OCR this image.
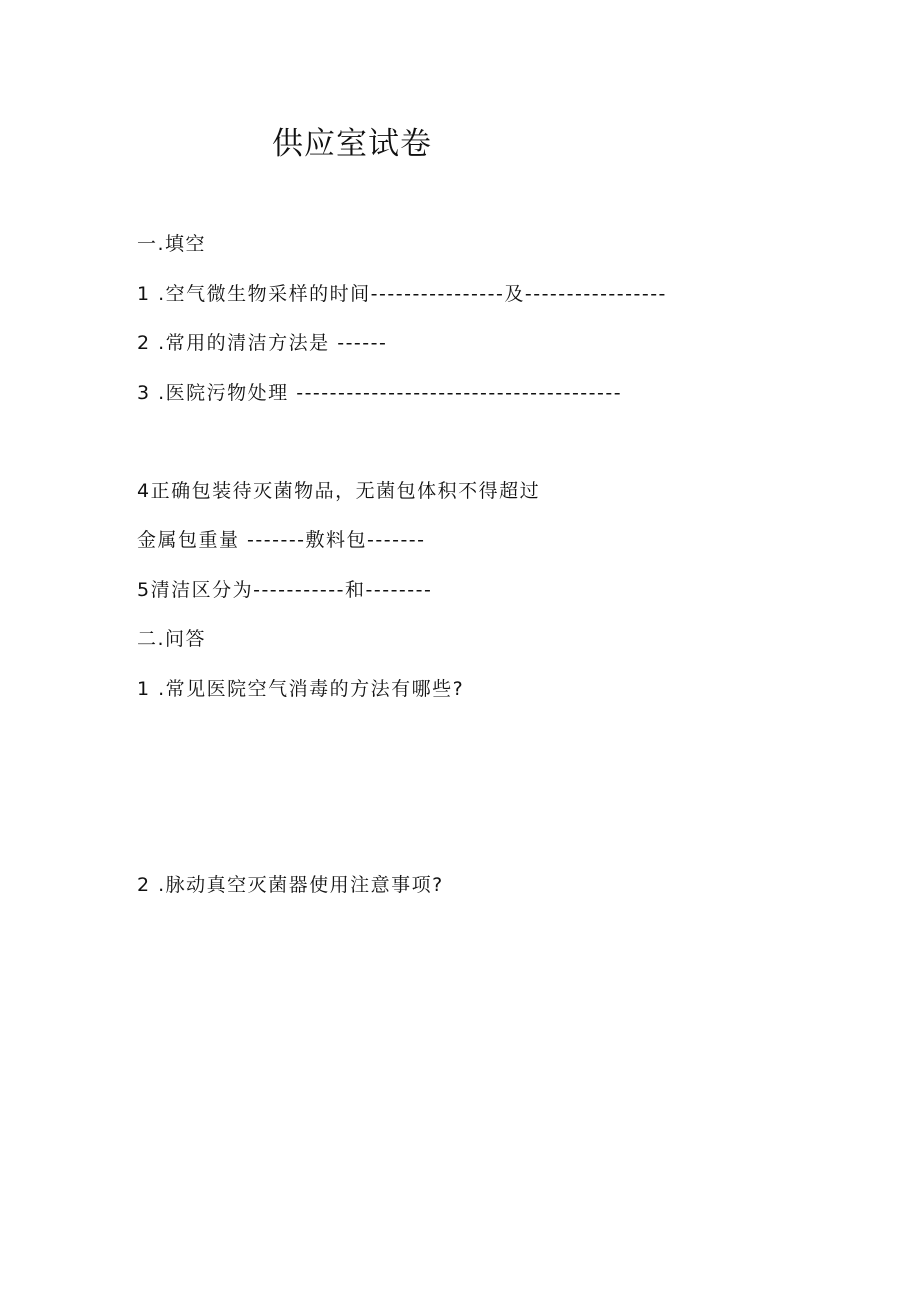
供应室试卷
一.填空
1 .空气微生物采样的时间----------------及-----------------
2 .常用的清洁方法是 ------
3 .医院污物处理 ---------------------------------------
4正确包装待灭菌物品，无菌包体积不得超过
金属包重量 -------敷料包-------
5清洁区分为-----------和--------
二.问答
1 .常见医院空气消毒的方法有哪些?
2 .脉动真空灭菌器使用注意事项?
